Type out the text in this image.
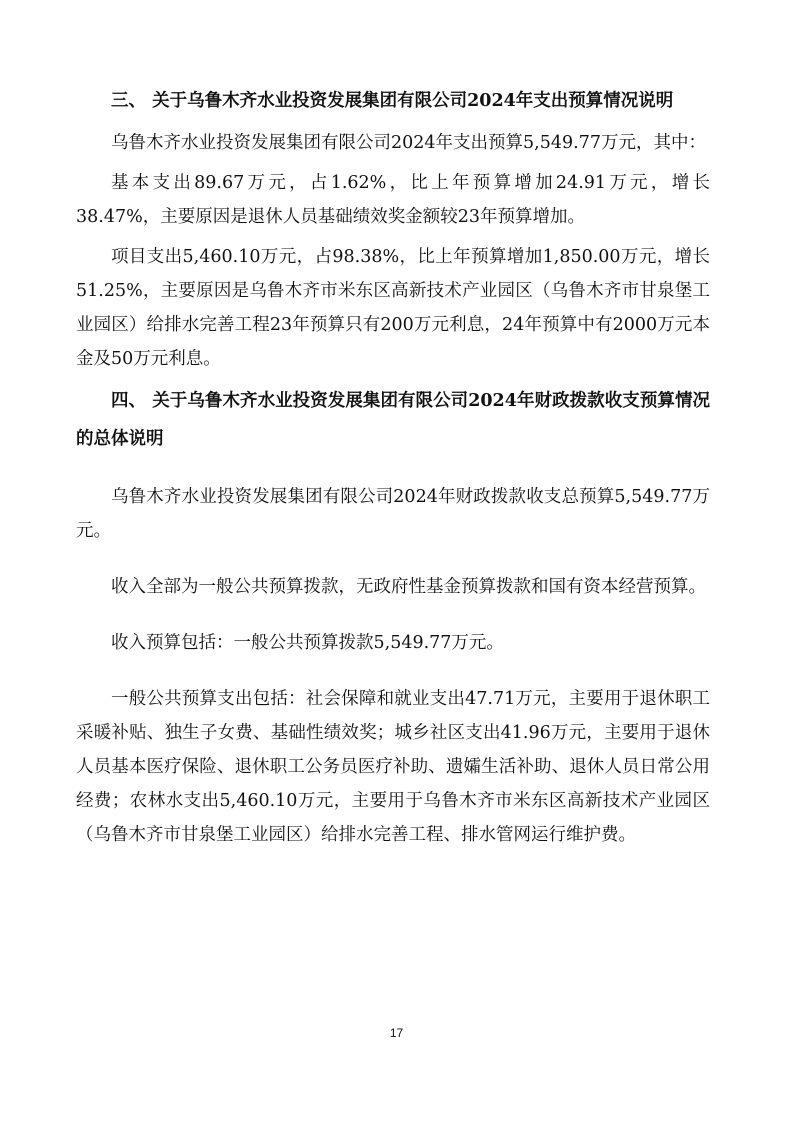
三、 关于乌鲁木齐水业投资发展集团有限公司2024年支出预算情况说明

乌鲁木齐水业投资发展集团有限公司2024年支出预算5,549.77万元，其中：

基本支出89.67万元，占1.62%，比上年预算增加24.91万元，增长38.47%，主要原因是退休人员基础绩效奖金额较23年预算增加。

项目支出5,460.10万元，占98.38%，比上年预算增加1,850.00万元，增长51.25%，主要原因是乌鲁木齐市米东区高新技术产业园区（乌鲁木齐市甘泉堡工业园区）给排水完善工程23年预算只有200万元利息，24年预算中有2000万元本金及50万元利息。

四、 关于乌鲁木齐水业投资发展集团有限公司2024年财政拨款收支预算情况的总体说明

乌鲁木齐水业投资发展集团有限公司2024年财政拨款收支总预算5,549.77万元。

收入全部为一般公共预算拨款，无政府性基金预算拨款和国有资本经营预算。

收入预算包括：一般公共预算拨款5,549.77万元。

一般公共预算支出包括：社会保障和就业支出47.71万元，主要用于退休职工采暖补贴、独生子女费、基础性绩效奖；城乡社区支出41.96万元，主要用于退休人员基本医疗保险、退休职工公务员医疗补助、遗孀生活补助、退休人员日常公用经费；农林水支出5,460.10万元，主要用于乌鲁木齐市米东区高新技术产业园区（乌鲁木齐市甘泉堡工业园区）给排水完善工程、排水管网运行维护费。

17
